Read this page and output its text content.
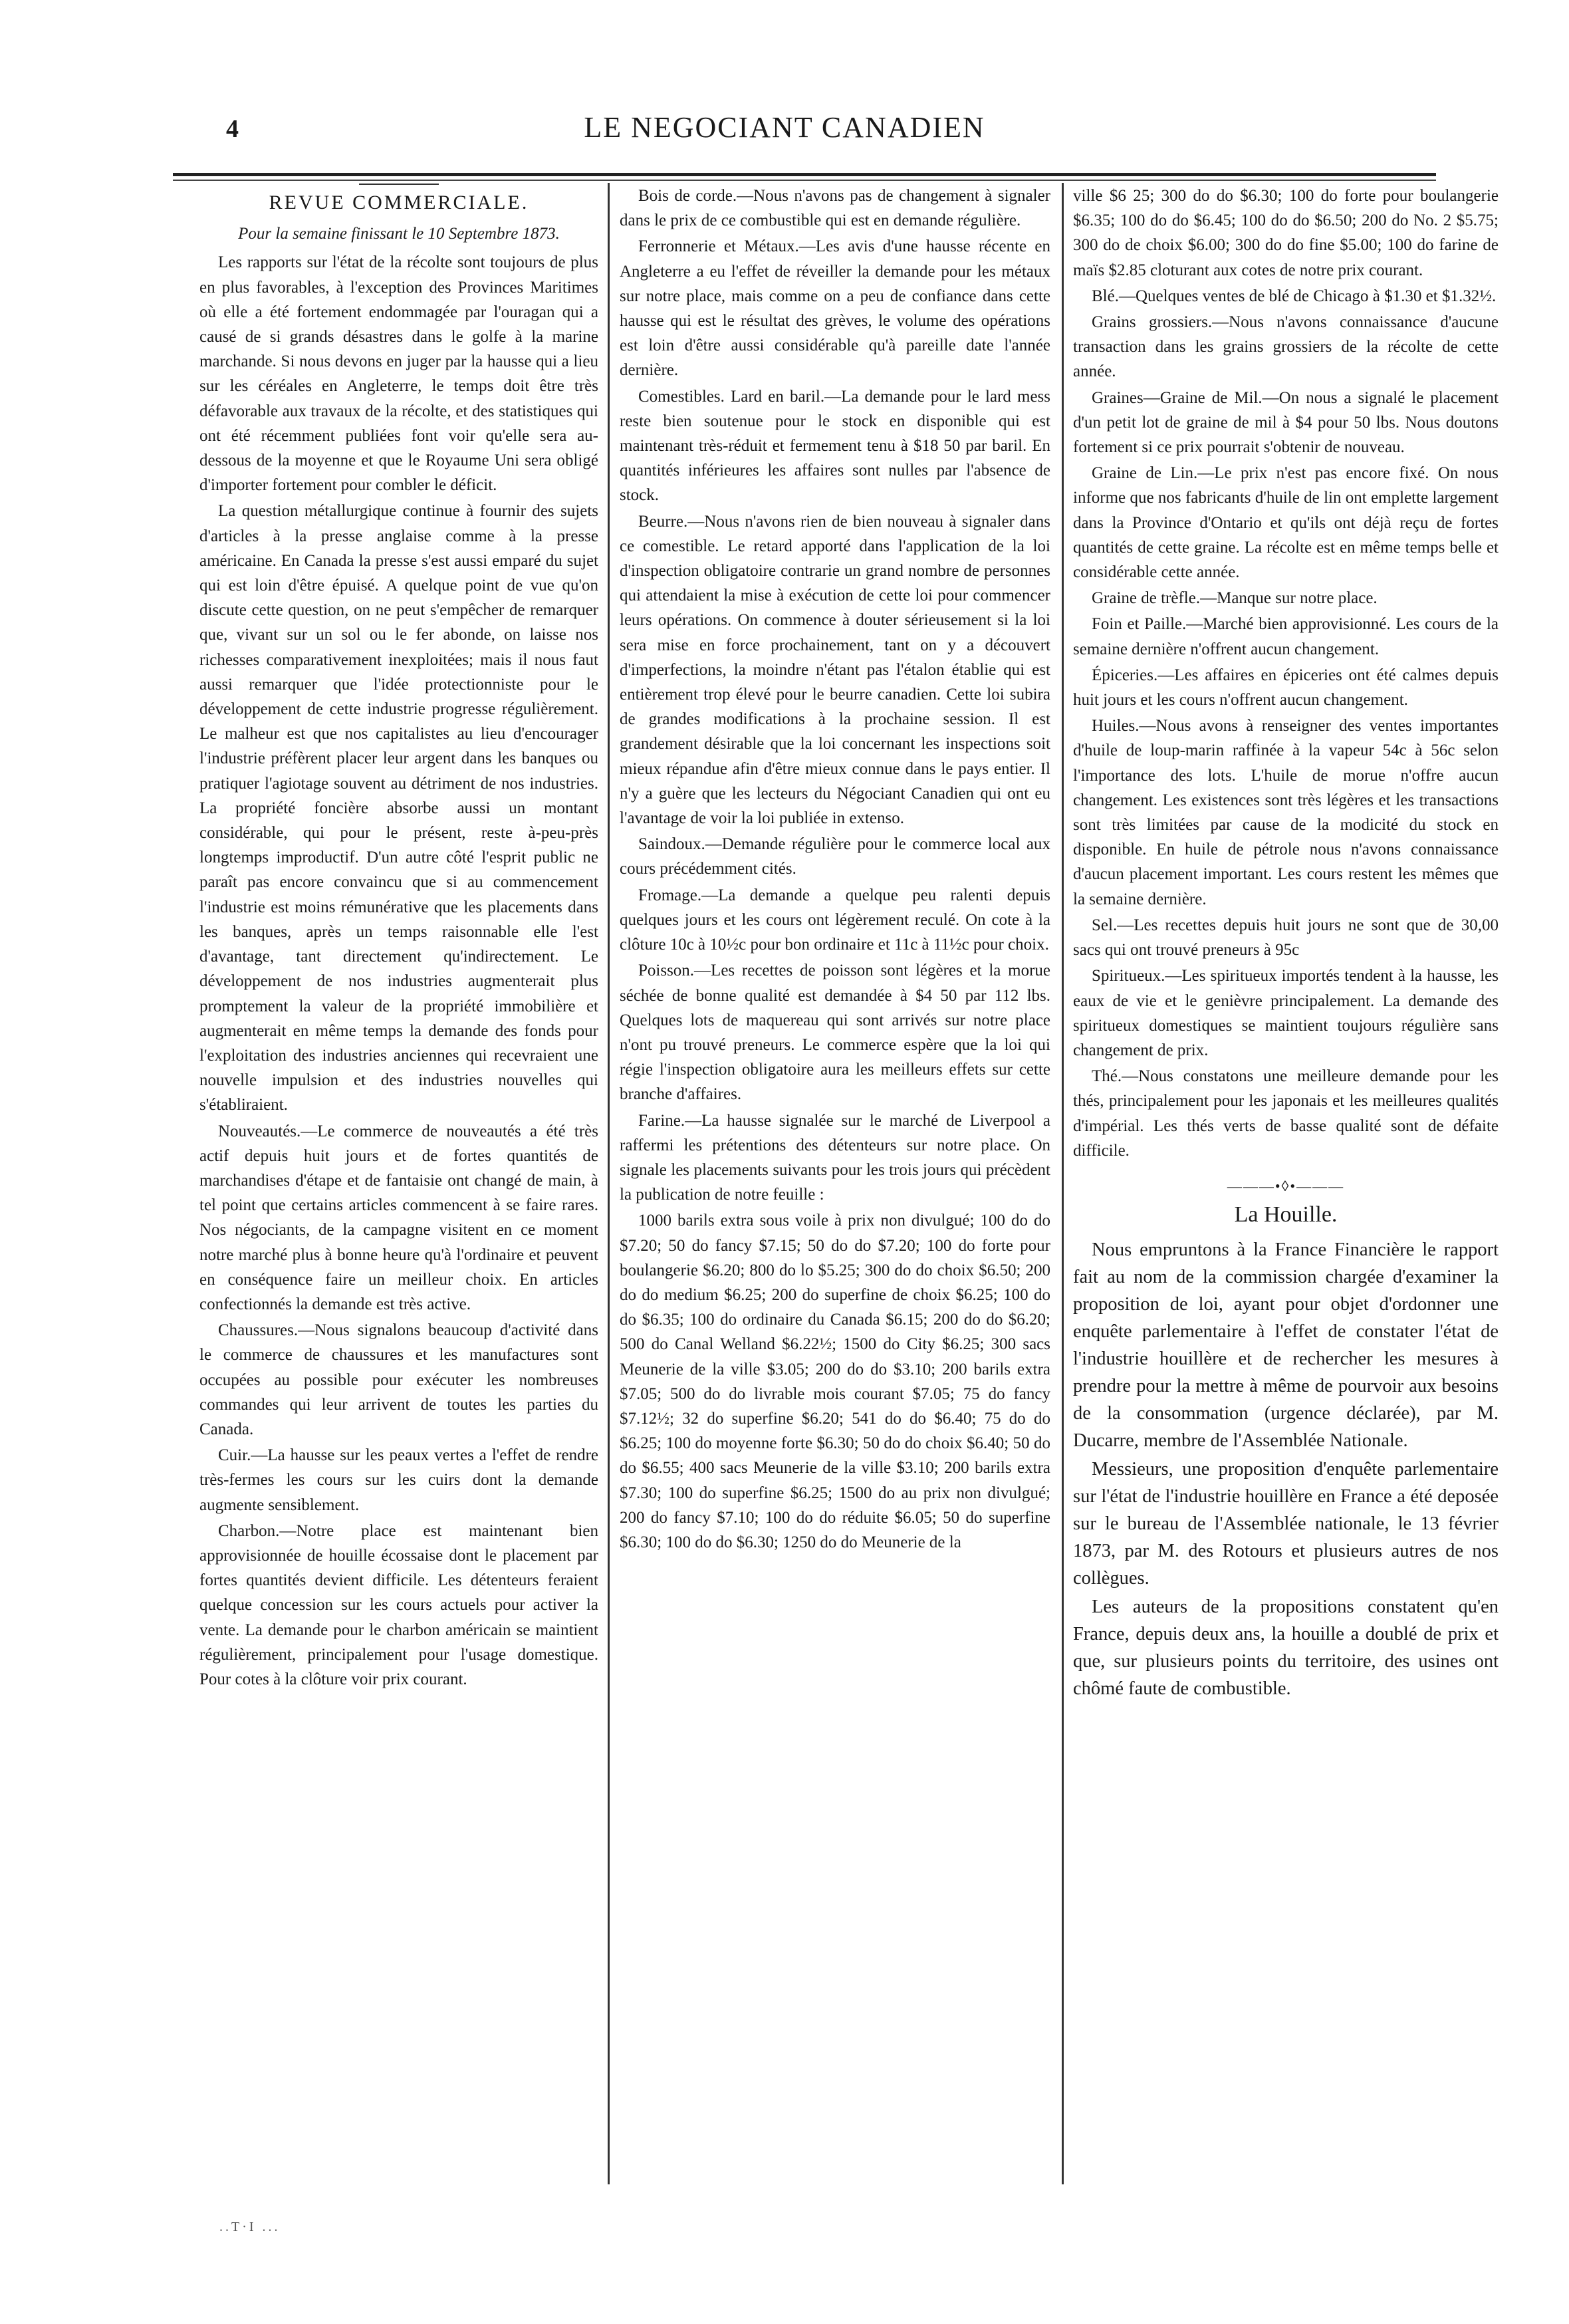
4	LE NEGOCIANT CANADIEN
REVUE COMMERCIALE.

Pour la semaine finissant le 10 Septembre 1873.

Les rapports sur l'état de la récolte sont toujours de plus en plus favorables, à l'exception des Provinces Maritimes où elle a été fortement endommagée par l'ouragan qui a causé de si grands désastres dans le golfe à la marine marchande. Si nous devons en juger par la hausse qui a lieu sur les céréales en Angleterre, le temps doit être très défavorable aux travaux de la récolte, et des statistiques qui ont été récemment publiées font voir qu'elle sera au-dessous de la moyenne et que le Royaume Uni sera obligé d'importer fortement pour combler le déficit.

La question métallurgique continue à fournir des sujets d'articles à la presse anglaise comme à la presse américaine. En Canada la presse s'est aussi emparé du sujet qui est loin d'être épuisé. A quelque point de vue qu'on discute cette question, on ne peut s'empêcher de remarquer que, vivant sur un sol ou le fer abonde, on laisse nos richesses comparativement inexploitées; mais il nous faut aussi remarquer que l'idée protectionniste pour le développement de cette industrie progresse régulièrement. Le malheur est que nos capitalistes au lieu d'encourager l'industrie préfèrent placer leur argent dans les banques ou pratiquer l'agiotage souvent au détriment de nos industries. La propriété foncière absorbe aussi un montant considérable, qui pour le présent, reste à-peu-près longtemps improductif. D'un autre côté l'esprit public ne paraît pas encore convaincu que si au commencement l'industrie est moins rémunérative que les placements dans les banques, après un temps raisonnable elle l'est d'avantage, tant directement qu'indirectement. Le développement de nos industries augmenterait plus promptement la valeur de la propriété immobilière et augmenterait en même temps la demande des fonds pour l'exploitation des industries anciennes qui recevraient une nouvelle impulsion et des industries nouvelles qui s'établiraient.

Nouveautés.—Le commerce de nouveautés a été très actif depuis huit jours et de fortes quantités de marchandises d'étape et de fantaisie ont changé de main, à tel point que certains articles commencent à se faire rares. Nos négociants, de la campagne visitent en ce moment notre marché plus à bonne heure qu'à l'ordinaire et peuvent en conséquence faire un meilleur choix. En articles confectionnés la demande est très active.

Chaussures.—Nous signalons beaucoup d'activité dans le commerce de chaussures et les manufactures sont occupées au possible pour exécuter les nombreuses commandes qui leur arrivent de toutes les parties du Canada.

Cuir.—La hausse sur les peaux vertes a l'effet de rendre très-fermes les cours sur les cuirs dont la demande augmente sensiblement.

Charbon.—Notre place est maintenant bien approvisionnée de houille écossaise dont le placement par fortes quantités devient difficile. Les détenteurs feraient quelque concession sur les cours actuels pour activer la vente. La demande pour le charbon américain se maintient régulièrement, principalement pour l'usage domestique. Pour cotes à la clôture voir prix courant.

Bois de corde.—Nous n'avons pas de changement à signaler dans le prix de ce combustible qui est en demande régulière.

Ferronnerie et Métaux.—Les avis d'une hausse récente en Angleterre a eu l'effet de réveiller la demande pour les métaux sur notre place, mais comme on a peu de confiance dans cette hausse qui est le résultat des grèves, le volume des opérations est loin d'être aussi considérable qu'à pareille date l'année dernière.

Comestibles. Lard en baril.—La demande pour le lard mess reste bien soutenue pour le stock en disponible qui est maintenant très-réduit et fermement tenu à $18 50 par baril. En quantités inférieures les affaires sont nulles par l'absence de stock.

Beurre.—Nous n'avons rien de bien nouveau à signaler dans ce comestible. Le retard apporté dans l'application de la loi d'inspection obligatoire contrarie un grand nombre de personnes qui attendaient la mise à exécution de cette loi pour commencer leurs opérations. On commence à douter sérieusement si la loi sera mise en force prochainement, tant on y a découvert d'imperfections, la moindre n'étant pas l'étalon établie qui est entièrement trop élevé pour le beurre canadien. Cette loi subira de grandes modifications à la prochaine session. Il est grandement désirable que la loi concernant les inspections soit mieux répandue afin d'être mieux connue dans le pays entier. Il n'y a guère que les lecteurs du Négociant Canadien qui ont eu l'avantage de voir la loi publiée in extenso.

Saindoux.—Demande régulière pour le commerce local aux cours précédemment cités.

Fromage.—La demande a quelque peu ralenti depuis quelques jours et les cours ont légèrement reculé. On cote à la clôture 10c à 10½c pour bon ordinaire et 11c à 11½c pour choix.

Poisson.—Les recettes de poisson sont légères et la morue séchée de bonne qualité est demandée à $4 50 par 112 lbs. Quelques lots de maquereau qui sont arrivés sur notre place n'ont pu trouvé preneurs. Le commerce espère que la loi qui régie l'inspection obligatoire aura les meilleurs effets sur cette branche d'affaires.

Farine.—La hausse signalée sur le marché de Liverpool a raffermi les prétentions des détenteurs sur notre place. On signale les placements suivants pour les trois jours qui précèdent la publication de notre feuille :

1000 barils extra sous voile à prix non divulgué; 100 do do $7.20; 50 do fancy $7.15; 50 do do $7.20; 100 do forte pour boulangerie $6.20; 800 do lo $5.25; 300 do do choix $6.50; 200 do do medium $6.25; 200 do superfine de choix $6.25; 100 do do $6.35; 100 do ordinaire du Canada $6.15; 200 do do $6.20; 500 do Canal Welland $6.22½; 1500 do City $6.25; 300 sacs Meunerie de la ville $3.05; 200 do do $3.10; 200 barils extra $7.05; 500 do do livrable mois courant $7.05; 75 do fancy $7.12½; 32 do superfine $6.20; 541 do do $6.40; 75 do do $6.25; 100 do moyenne forte $6.30; 50 do do choix $6.40; 50 do do $6.55; 400 sacs Meunerie de la ville $3.10; 200 barils extra $7.30; 100 do superfine $6.25; 1500 do au prix non divulgué; 200 do fancy $7.10; 100 do do réduite $6.05; 50 do superfine $6.30; 100 do do $6.30; 1250 do do Meunerie de la

ville $6 25; 300 do do $6.30; 100 do forte pour boulangerie $6.35; 100 do do $6.45; 100 do do $6.50; 200 do No. 2 $5.75; 300 do de choix $6.00; 300 do do fine $5.00; 100 do farine de maïs $2.85 cloturant aux cotes de notre prix courant.

Blé.—Quelques ventes de blé de Chicago à $1.30 et $1.32½.

Grains grossiers.—Nous n'avons connaissance d'aucune transaction dans les grains grossiers de la récolte de cette année.

Graines—Graine de Mil.—On nous a signalé le placement d'un petit lot de graine de mil à $4 pour 50 lbs. Nous doutons fortement si ce prix pourrait s'obtenir de nouveau.

Graine de Lin.—Le prix n'est pas encore fixé. On nous informe que nos fabricants d'huile de lin ont emplette largement dans la Province d'Ontario et qu'ils ont déjà reçu de fortes quantités de cette graine. La récolte est en même temps belle et considérable cette année.

Graine de trèfle.—Manque sur notre place.

Foin et Paille.—Marché bien approvisionné. Les cours de la semaine dernière n'offrent aucun changement.

Épiceries.—Les affaires en épiceries ont été calmes depuis huit jours et les cours n'offrent aucun changement.

Huiles.—Nous avons à renseigner des ventes importantes d'huile de loup-marin raffinée à la vapeur 54c à 56c selon l'importance des lots. L'huile de morue n'offre aucun changement. Les existences sont très légères et les transactions sont très limitées par cause de la modicité du stock en disponible. En huile de pétrole nous n'avons connaissance d'aucun placement important. Les cours restent les mêmes que la semaine dernière.

Sel.—Les recettes depuis huit jours ne sont que de 30,00 sacs qui ont trouvé preneurs à 95c

Spiritueux.—Les spiritueux importés tendent à la hausse, les eaux de vie et le genièvre principalement. La demande des spiritueux domestiques se maintient toujours régulière sans changement de prix.

Thé.—Nous constatons une meilleure demande pour les thés, principalement pour les japonais et les meilleures qualités d'impérial. Les thés verts de basse qualité sont de défaite difficile.

———•◊•———
La Houille.

Nous empruntons à la France Financière le rapport fait au nom de la commission chargée d'examiner la proposition de loi, ayant pour objet d'ordonner une enquête parlementaire à l'effet de constater l'état de l'industrie houillère et de rechercher les mesures à prendre pour la mettre à même de pourvoir aux besoins de la consommation (urgence déclarée), par M. Ducarre, membre de l'Assemblée Nationale.

Messieurs, une proposition d'enquête parlementaire sur l'état de l'industrie houillère en France a été deposée sur le bureau de l'Assemblée nationale, le 13 février 1873, par M. des Rotours et plusieurs autres de nos collègues.

Les auteurs de la propositions constatent qu'en France, depuis deux ans, la houille a doublé de prix et que, sur plusieurs points du territoire, des usines ont chômé faute de combustible.

..T·I ...
